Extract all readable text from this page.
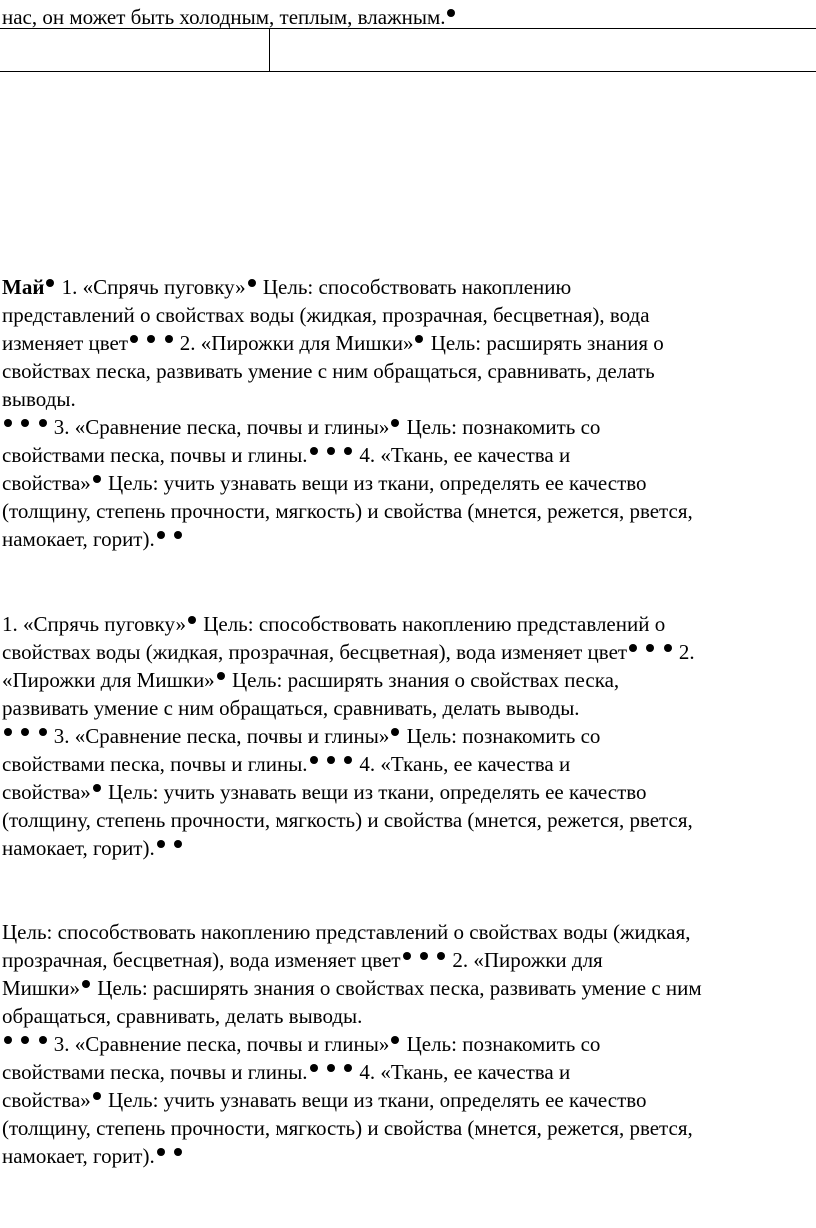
нас, он может быть холодным, теплым, влажным.

Май 1. «Спрячь пуговку» Цель: способствовать накоплению
представлений о свойствах воды (жидкая, прозрачная, бесцветная), вода
изменяет цвет   2. «Пирожки для Мишки» Цель: расширять знания о
свойствах песка, развивать умение с ним обращаться, сравнивать, делать
выводы.
3. «Сравнение песка, почвы и глины» Цель: познакомить со
свойствами песка, почвы и глины.   4. «Ткань, ее качества и
свойства» Цель: учить узнавать вещи из ткани, определять ее качество
(толщину, степень прочности, мягкость) и свойства (мнется, режется, рвется,
намокает, горит).

1. «Спрячь пуговку» Цель: способствовать накоплению представлений о
свойствах воды (жидкая, прозрачная, бесцветная), вода изменяет цвет   2.
«Пирожки для Мишки» Цель: расширять знания о свойствах песка,
развивать умение с ним обращаться, сравнивать, делать выводы.
3. «Сравнение песка, почвы и глины» Цель: познакомить со
свойствами песка, почвы и глины.   4. «Ткань, ее качества и
свойства» Цель: учить узнавать вещи из ткани, определять ее качество
(толщину, степень прочности, мягкость) и свойства (мнется, режется, рвется,
намокает, горит).

Цель: способствовать накоплению представлений о свойствах воды (жидкая,
прозрачная, бесцветная), вода изменяет цвет   2. «Пирожки для
Мишки» Цель: расширять знания о свойствах песка, развивать умение с ним
обращаться, сравнивать, делать выводы.
3. «Сравнение песка, почвы и глины» Цель: познакомить со
свойствами песка, почвы и глины.   4. «Ткань, ее качества и
свойства» Цель: учить узнавать вещи из ткани, определять ее качество
(толщину, степень прочности, мягкость) и свойства (мнется, режется, рвется,
намокает, горит).
